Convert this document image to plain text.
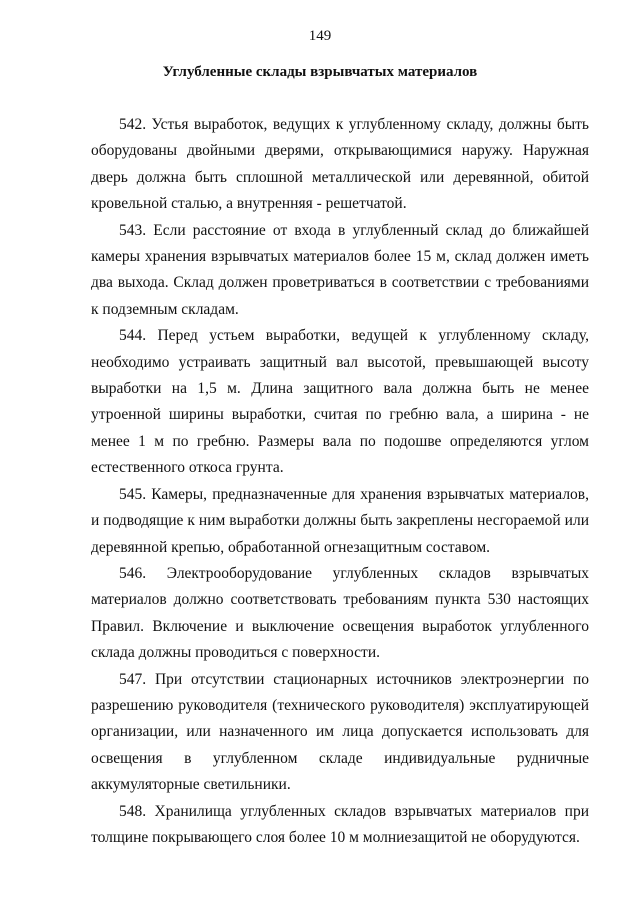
149
Углубленные склады взрывчатых материалов

542. Устья выработок, ведущих к углубленному складу, должны быть оборудованы двойными дверями, открывающимися наружу. Наружная дверь должна быть сплошной металлической или деревянной, обитой кровельной сталью, а внутренняя - решетчатой.

543. Если расстояние от входа в углубленный склад до ближайшей камеры хранения взрывчатых материалов более 15 м, склад должен иметь два выхода. Склад должен проветриваться в соответствии с требованиями к подземным складам.

544. Перед устьем выработки, ведущей к углубленному складу, необходимо устраивать защитный вал высотой, превышающей высоту выработки на 1,5 м. Длина защитного вала должна быть не менее утроенной ширины выработки, считая по гребню вала, а ширина - не менее 1 м по гребню. Размеры вала по подошве определяются углом естественного откоса грунта.

545. Камеры, предназначенные для хранения взрывчатых материалов, и подводящие к ним выработки должны быть закреплены несгораемой или деревянной крепью, обработанной огнезащитным составом.

546. Электрооборудование углубленных складов взрывчатых материалов должно соответствовать требованиям пункта 530 настоящих Правил. Включение и выключение освещения выработок углубленного склада должны проводиться с поверхности.

547. При отсутствии стационарных источников электроэнергии по разрешению руководителя (технического руководителя) эксплуатирующей организации, или назначенного им лица допускается использовать для освещения в углубленном складе индивидуальные рудничные аккумуляторные светильники.

548. Хранилища углубленных складов взрывчатых материалов при толщине покрывающего слоя более 10 м молниезащитой не оборудуются.
